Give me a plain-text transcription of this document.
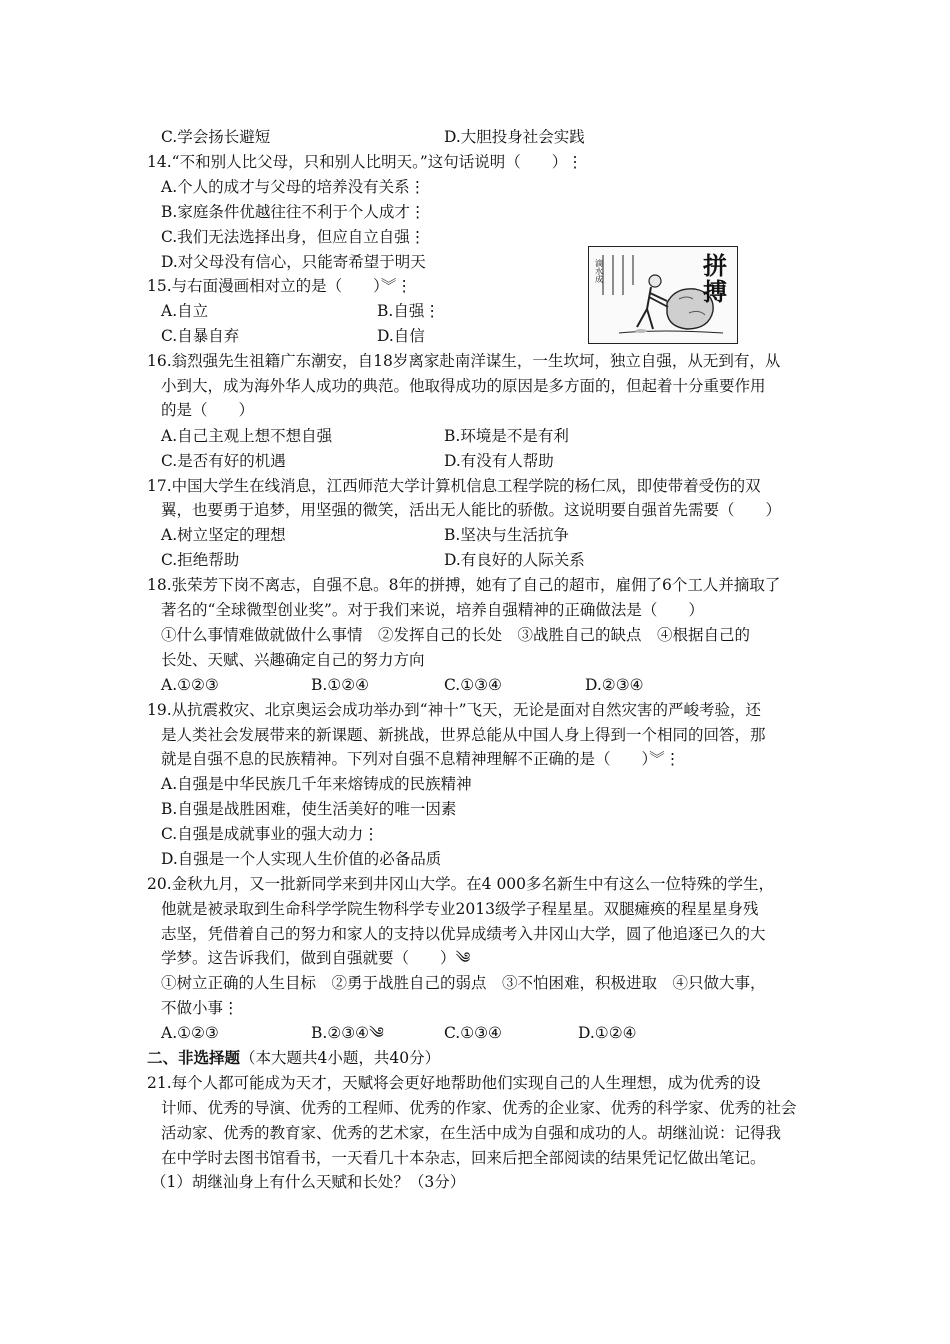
C.学会扬长避短	D.大胆投身社会实践
14.“不和别人比父母，只和别人比明天。”这句话说明（　　）⋮
A.个人的成才与父母的培养没有关系⋮
B.家庭条件优越往往不利于个人成才⋮
C.我们无法选择出身，但应自立自强⋮
D.对父母没有信心，只能寄希望于明天
15.与右面漫画相对立的是（　　）︾⋮
A.自立	B.自强⋮
C.自暴自弃	D.自信
滴水成	拼搏
16.翁烈强先生祖籍广东潮安，自18岁离家赴南洋谋生，一生坎坷，独立自强，从无到有，从
小到大，成为海外华人成功的典范。他取得成功的原因是多方面的，但起着十分重要作用
的是（　　）
A.自己主观上想不想自强	B.环境是不是有利
C.是否有好的机遇	D.有没有人帮助
17.中国大学生在线消息，江西师范大学计算机信息工程学院的杨仁凤，即使带着受伤的双
翼，也要勇于追梦，用坚强的微笑，活出无人能比的骄傲。这说明要自强首先需要（　　）
A.树立坚定的理想	B.坚决与生活抗争
C.拒绝帮助	D.有良好的人际关系
18.张荣芳下岗不离志，自强不息。8年的拼搏，她有了自己的超市，雇佣了6个工人并摘取了
著名的“全球微型创业奖”。对于我们来说，培养自强精神的正确做法是（　　）
①什么事情难做就做什么事情　②发挥自己的长处　③战胜自己的缺点　④根据自己的
长处、天赋、兴趣确定自己的努力方向
A.①②③	B.①②④	C.①③④	D.②③④
19.从抗震救灾、北京奥运会成功举办到“神十”飞天，无论是面对自然灾害的严峻考验，还
是人类社会发展带来的新课题、新挑战，世界总能从中国人身上得到一个相同的回答，那
就是自强不息的民族精神。下列对自强不息精神理解不正确的是（　　）︾⋮
A.自强是中华民族几千年来熔铸成的民族精神
B.自强是战胜困难，使生活美好的唯一因素
C.自强是成就事业的强大动力⋮
D.自强是一个人实现人生价值的必备品质
20.金秋九月，又一批新同学来到井冈山大学。在4 000多名新生中有这么一位特殊的学生，
他就是被录取到生命科学学院生物科学专业2013级学子程星星。双腿瘫痪的程星星身残
志坚，凭借着自己的努力和家人的支持以优异成绩考入井冈山大学，圆了他追逐已久的大
学梦。这告诉我们，做到自强就要（　　）༄
①树立正确的人生目标　②勇于战胜自己的弱点　③不怕困难，积极进取　④只做大事，
不做小事⋮
A.①②③	B.②③④༄	C.①③④	D.①②④
二、非选择题（本大题共4小题，共40分）
21.每个人都可能成为天才，天赋将会更好地帮助他们实现自己的人生理想，成为优秀的设
计师、优秀的导演、优秀的工程师、优秀的作家、优秀的企业家、优秀的科学家、优秀的社会
活动家、优秀的教育家、优秀的艺术家，在生活中成为自强和成功的人。胡继汕说：记得我
在中学时去图书馆看书，一天看几十本杂志，回来后把全部阅读的结果凭记忆做出笔记。
（1）胡继汕身上有什么天赋和长处？（3分）
